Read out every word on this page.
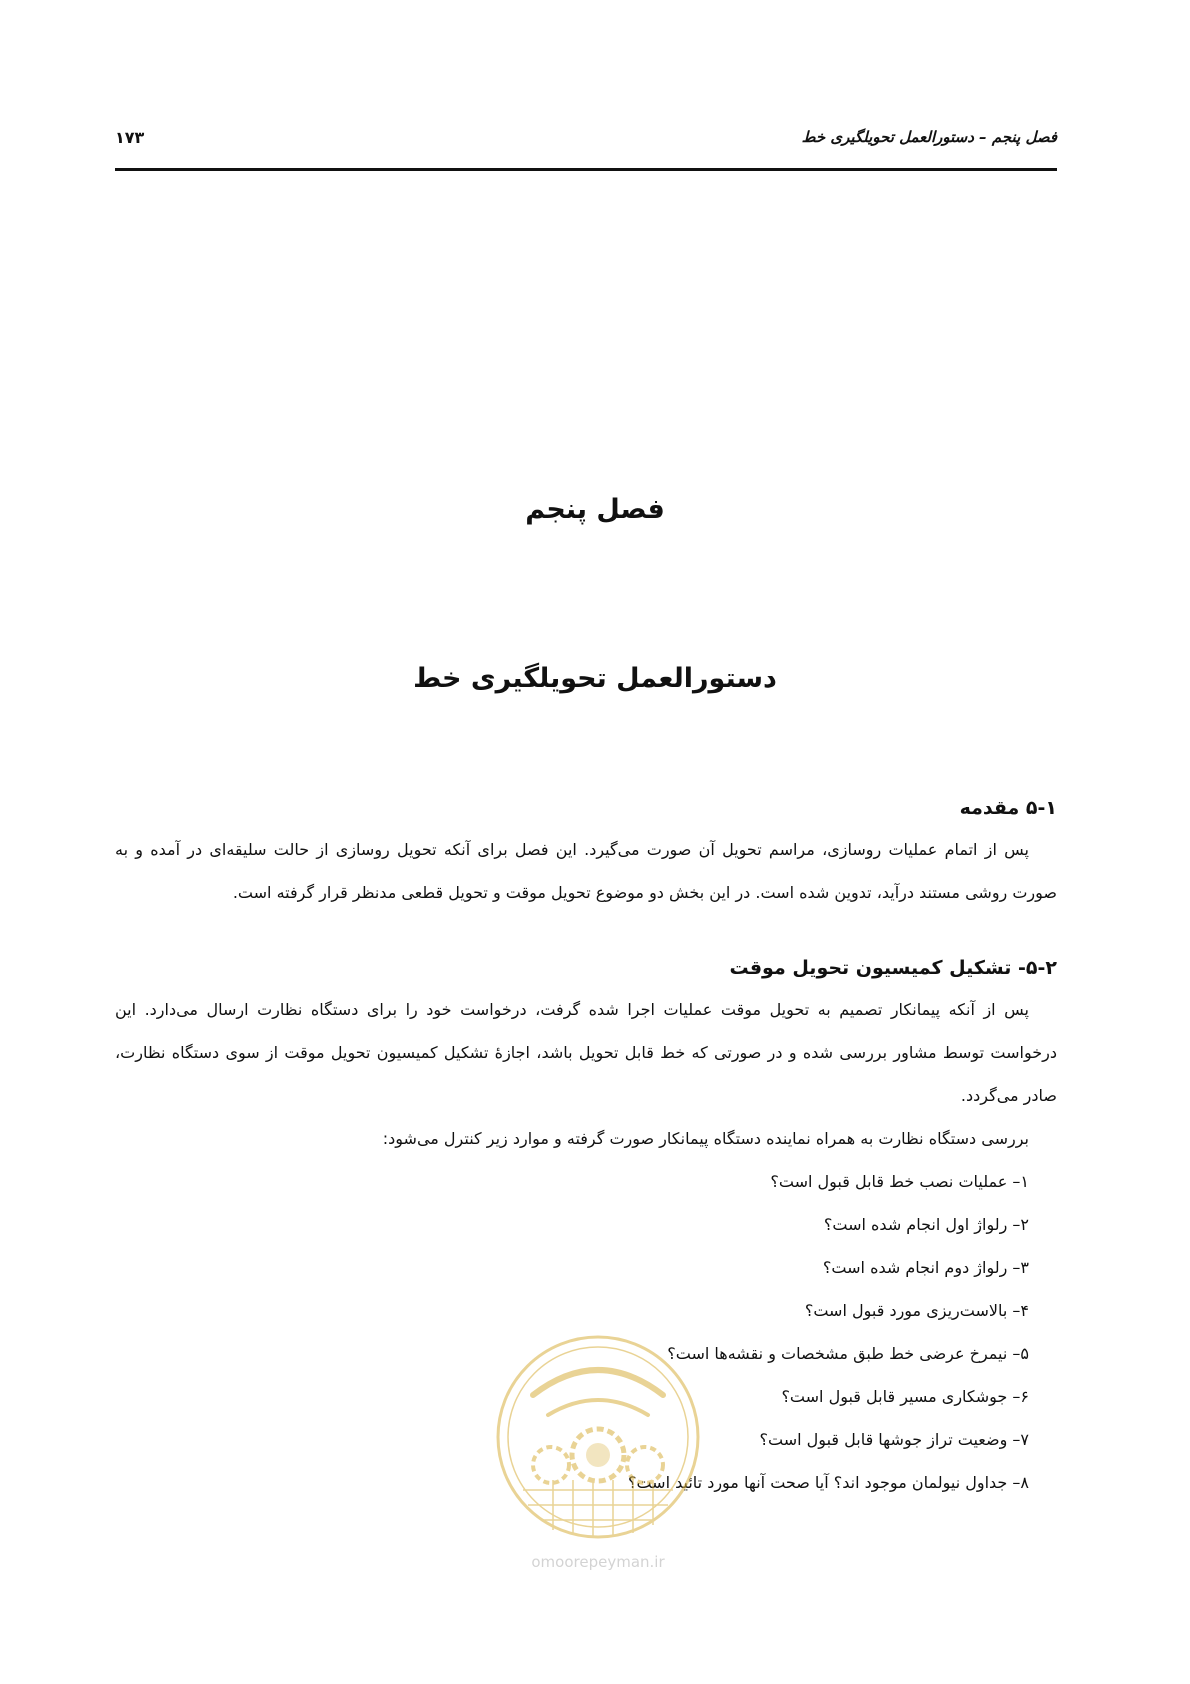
فصل پنجم – دستورالعمل تحویلگیری خط
۱۷۳
فصل پنجم
دستورالعمل تحویلگیری خط
۵-۱ مقدمه

پس از اتمام عملیات روسازی، مراسم تحویل آن صورت می‌گیرد. این فصل برای آنکه تحویل روسازی از حالت سلیقه‌ای در آمده و به صورت روشی مستند درآید، تدوین شده است. در این بخش دو موضوع تحویل موقت و تحویل قطعی مدنظر قرار گرفته است.

۵-۲- تشکیل کمیسیون تحویل موقت

پس از آنکه پیمانکار تصمیم به تحویل موقت عملیات اجرا شده گرفت، درخواست خود را برای دستگاه نظارت ارسال می‌دارد. این درخواست توسط مشاور بررسی شده و در صورتی که خط قابل تحویل باشد، اجازهٔ تشکیل کمیسیون تحویل موقت از سوی دستگاه نظارت، صادر می‌گردد.

بررسی دستگاه نظارت به همراه نماینده دستگاه پیمانکار صورت گرفته و موارد زیر کنترل می‌شود:

۱– عملیات نصب خط قابل قبول است؟
۲– رلواژ اول انجام شده است؟
۳– رلواژ دوم انجام شده است؟
۴– بالاست‌ریزی مورد قبول است؟
۵– نیمرخ عرضی خط طبق مشخصات و نقشه‌ها است؟
۶– جوشکاری مسیر قابل قبول است؟
۷– وضعیت تراز جوشها قابل قبول است؟
۸– جداول نیولمان موجود اند؟ آیا صحت آنها مورد تائید است؟
omoorepeyman.ir
